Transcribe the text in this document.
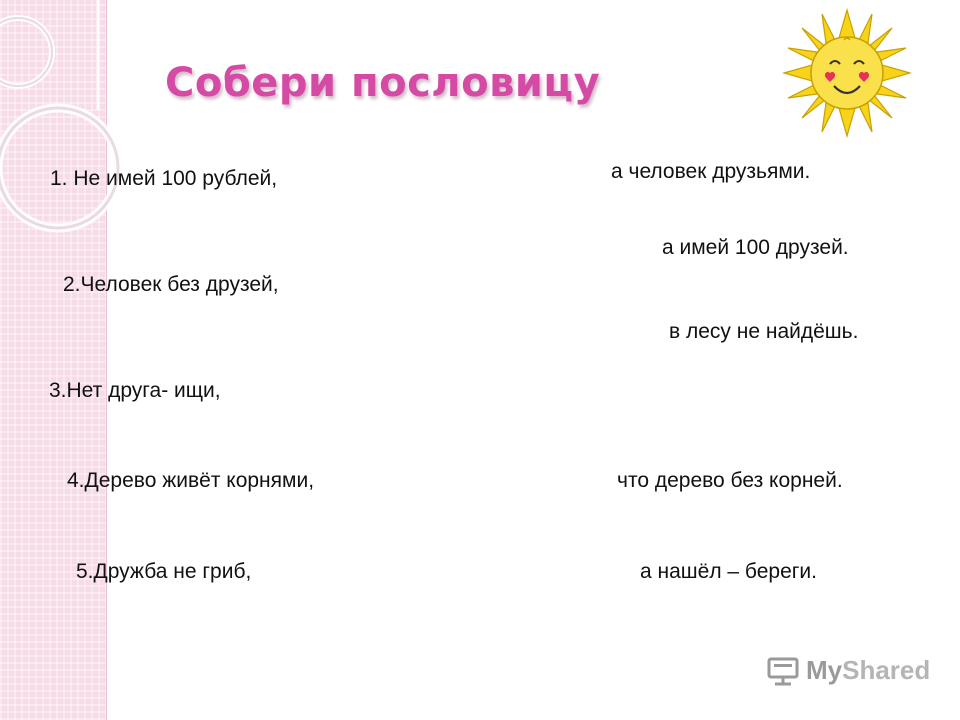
Собери пословицу
1. Не имей 100 рублей,
2.Человек без друзей,
3.Нет друга- ищи,
4.Дерево живёт корнями,
5.Дружба не гриб,
а человек друзьями.
а имей 100 друзей.
в лесу не найдёшь.
что дерево без корней.
а нашёл – береги.
MyShared
